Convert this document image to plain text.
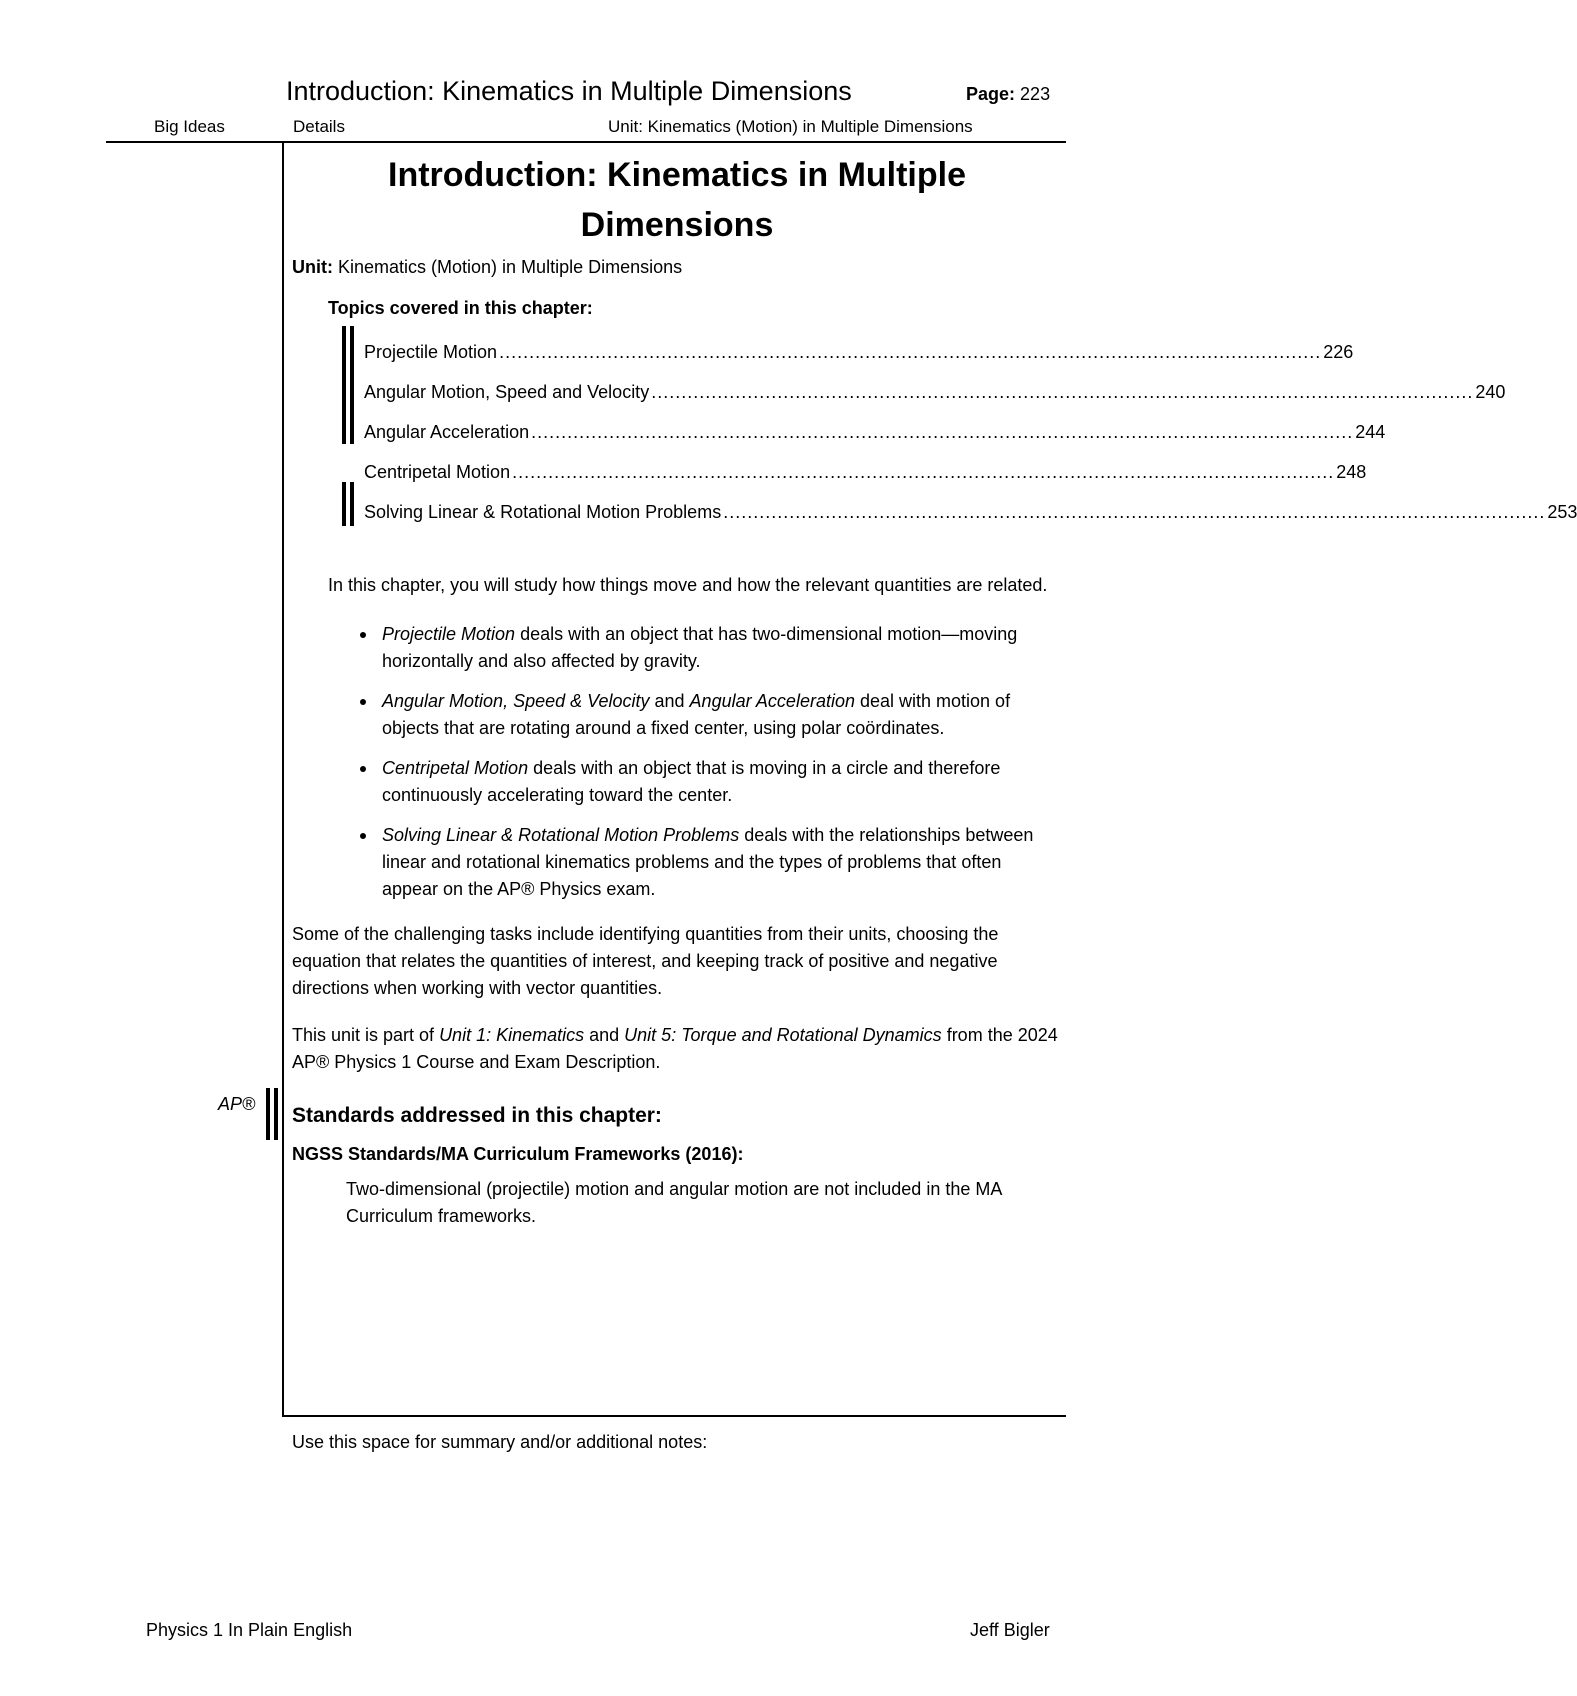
Introduction: Kinematics in Multiple Dimensions	Page: 223
Big Ideas	Details	Unit: Kinematics (Motion) in Multiple Dimensions
AP®
Introduction: Kinematics in Multiple Dimensions
Unit: Kinematics (Motion) in Multiple Dimensions
Topics covered in this chapter:
Projectile Motion ......................................................................................................................................... 226
Angular Motion, Speed and Velocity ......................................................................................................................................... 240
Angular Acceleration ......................................................................................................................................... 244
Centripetal Motion ......................................................................................................................................... 248
Solving Linear & Rotational Motion Problems ......................................................................................................................................... 253
In this chapter, you will study how things move and how the relevant quantities are related.
Projectile Motion deals with an object that has two-dimensional motion—moving horizontally and also affected by gravity.
Angular Motion, Speed & Velocity and Angular Acceleration deal with motion of objects that are rotating around a fixed center, using polar coördinates.
Centripetal Motion deals with an object that is moving in a circle and therefore continuously accelerating toward the center.
Solving Linear & Rotational Motion Problems deals with the relationships between linear and rotational kinematics problems and the types of problems that often appear on the AP® Physics exam.
Some of the challenging tasks include identifying quantities from their units, choosing the equation that relates the quantities of interest, and keeping track of positive and negative directions when working with vector quantities.
This unit is part of Unit 1: Kinematics and Unit 5: Torque and Rotational Dynamics from the 2024 AP® Physics 1 Course and Exam Description.
Standards addressed in this chapter:
NGSS Standards/MA Curriculum Frameworks (2016):
Two-dimensional (projectile) motion and angular motion are not included in the MA Curriculum frameworks.
Use this space for summary and/or additional notes:
Physics 1 In Plain English	Jeff Bigler
